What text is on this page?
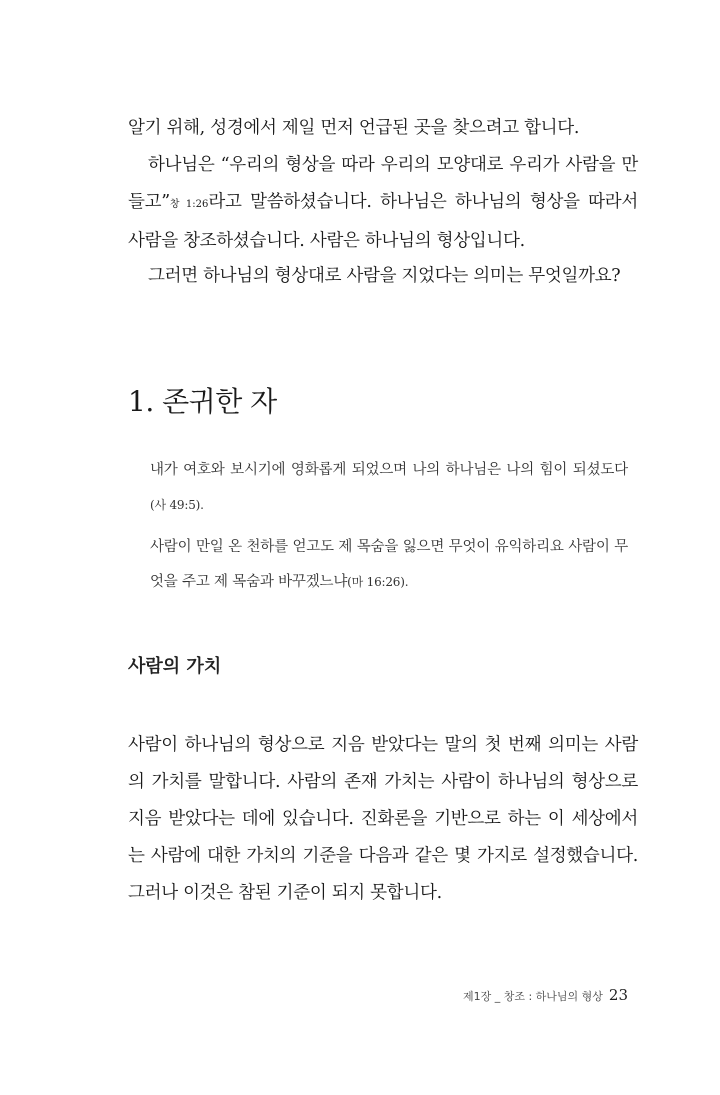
알기 위해, 성경에서 제일 먼저 언급된 곳을 찾으려고 합니다.

하나님은 “우리의 형상을 따라 우리의 모양대로 우리가 사람을 만들고”창 1:26라고 말씀하셨습니다. 하나님은 하나님의 형상을 따라서 사람을 창조하셨습니다. 사람은 하나님의 형상입니다.

그러면 하나님의 형상대로 사람을 지었다는 의미는 무엇일까요?

1. 존귀한 자

내가 여호와 보시기에 영화롭게 되었으며 나의 하나님은 나의 힘이 되셨도다(사 49:5).

사람이 만일 온 천하를 얻고도 제 목숨을 잃으면 무엇이 유익하리요 사람이 무엇을 주고 제 목숨과 바꾸겠느냐(마 16:26).

사람의 가치

사람이 하나님의 형상으로 지음 받았다는 말의 첫 번째 의미는 사람의 가치를 말합니다. 사람의 존재 가치는 사람이 하나님의 형상으로 지음 받았다는 데에 있습니다. 진화론을 기반으로 하는 이 세상에서는 사람에 대한 가치의 기준을 다음과 같은 몇 가지로 설정했습니다. 그러나 이것은 참된 기준이 되지 못합니다.

제1장 _ 창조 : 하나님의 형상 23
